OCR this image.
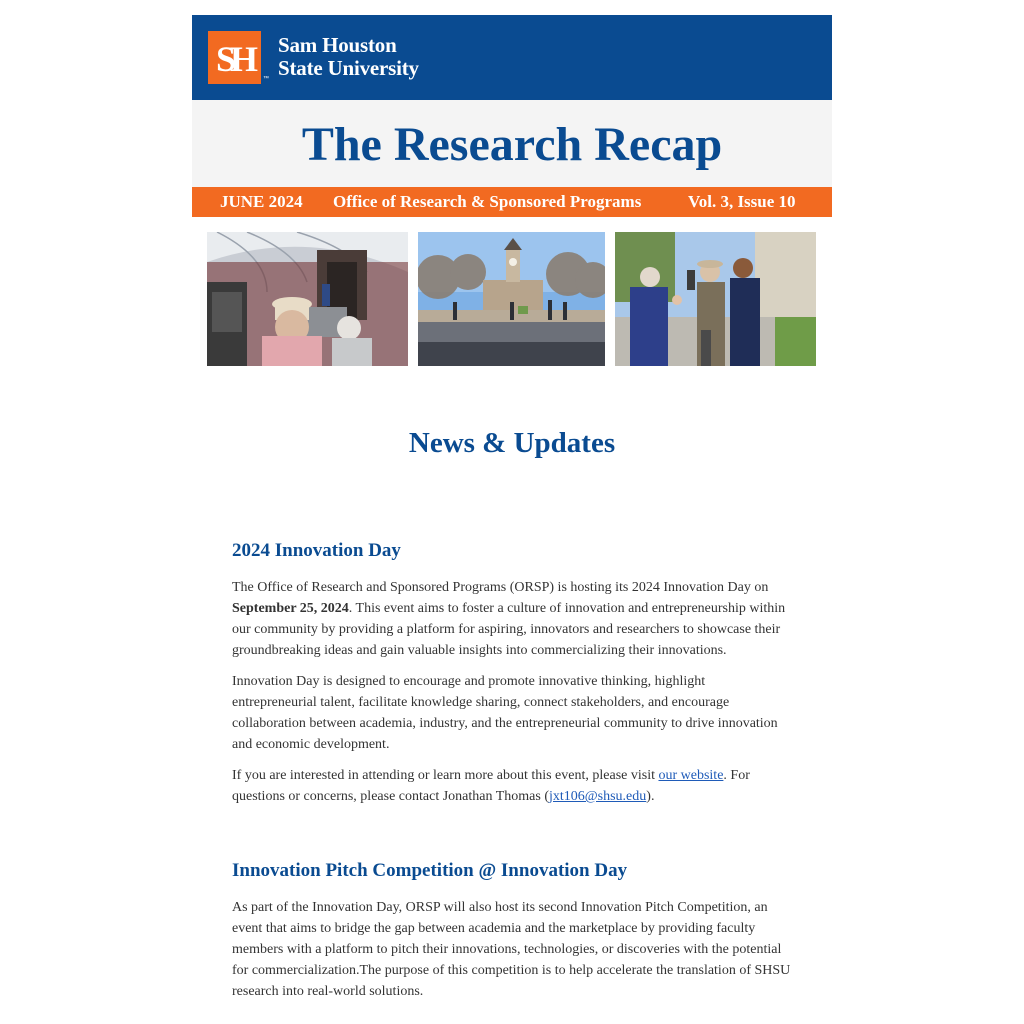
SH	™
Sam Houston
State University
The Research Recap
JUNE 2024 Office of Research & Sponsored Programs	Vol. 3, Issue 10
News & Updates
2024 Innovation Day

The Office of Research and Sponsored Programs (ORSP) is hosting its 2024 Innovation Day on September 25, 2024. This event aims to foster a culture of innovation and entrepreneurship within our community by providing a platform for aspiring, innovators and researchers to showcase their groundbreaking ideas and gain valuable insights into commercializing their innovations.

Innovation Day is designed to encourage and promote innovative thinking, highlight entrepreneurial talent, facilitate knowledge sharing, connect stakeholders, and encourage collaboration between academia, industry, and the entrepreneurial community to drive innovation and economic development.

If you are interested in attending or learn more about this event, please visit our website. For questions or concerns, please contact Jonathan Thomas (jxt106@shsu.edu).

Innovation Pitch Competition @ Innovation Day

As part of the Innovation Day, ORSP will also host its second Innovation Pitch Competition, an event that aims to bridge the gap between academia and the marketplace by providing faculty members with a platform to pitch their innovations, technologies, or discoveries with the potential for commercialization.The purpose of this competition is to help accelerate the translation of SHSU research into real-world solutions.
